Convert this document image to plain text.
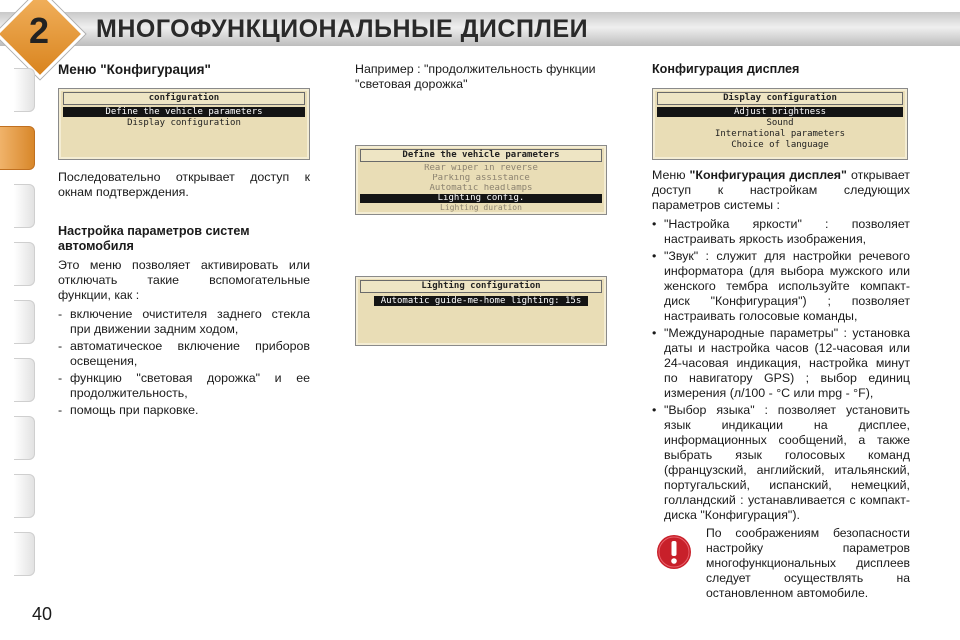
2	МНОГОФУНКЦИОНАЛЬНЫЕ ДИСПЛЕИ
40
Меню "Конфигурация"
configuration
Define the vehicle parameters
Display configuration

Последовательно открывает доступ к окнам подтверждения.

Настройка параметров систем автомобиля

Это меню позволяет активировать или отключать такие вспомогательные функции, как :

- включение очистителя заднего стекла при движении задним ходом,
- автоматическое включение приборов освещения,
- функцию "световая дорожка" и ее продолжительность,
- помощь при парковке.

Например : "продолжительность функции "световая дорожка"

Define the vehicle parameters
Rear wiper in reverse
Parking assistance
Automatic headlamps
Lighting config.
Lighting duration
Lighting configuration
Automatic guide-me-home lighting: 15s
Конфигурация дисплея
Display configuration
Adjust brightness
Sound
International parameters
Choice of language

Меню "Конфигурация дисплея" открывает доступ к настройкам следующих параметров системы :

• "Настройка яркости" : позволяет настраивать яркость изображения,
• "Звук" : служит для настройки речевого информатора (для выбора мужского или женского тембра используйте компакт-диск "Конфигурация") ; позволяет настраивать голосовые команды,
• "Международные параметры" : установка даты и настройка часов (12-часовая или 24-часовая индикация, настройка минут по навигатору GPS) ; выбор единиц измерения (л/100 - °C или mpg - °F),
• "Выбор языка" : позволяет установить язык индикации на дисплее, информационных сообщений, а также выбрать язык голосовых команд (французский, английский, итальянский, португальский, испанский, немецкий, голландский : устанавливается с компакт-диска "Конфигурация").
По соображениям безопасности настройку параметров многофункциональных дисплеев следует осуществлять на остановленном автомобиле.
